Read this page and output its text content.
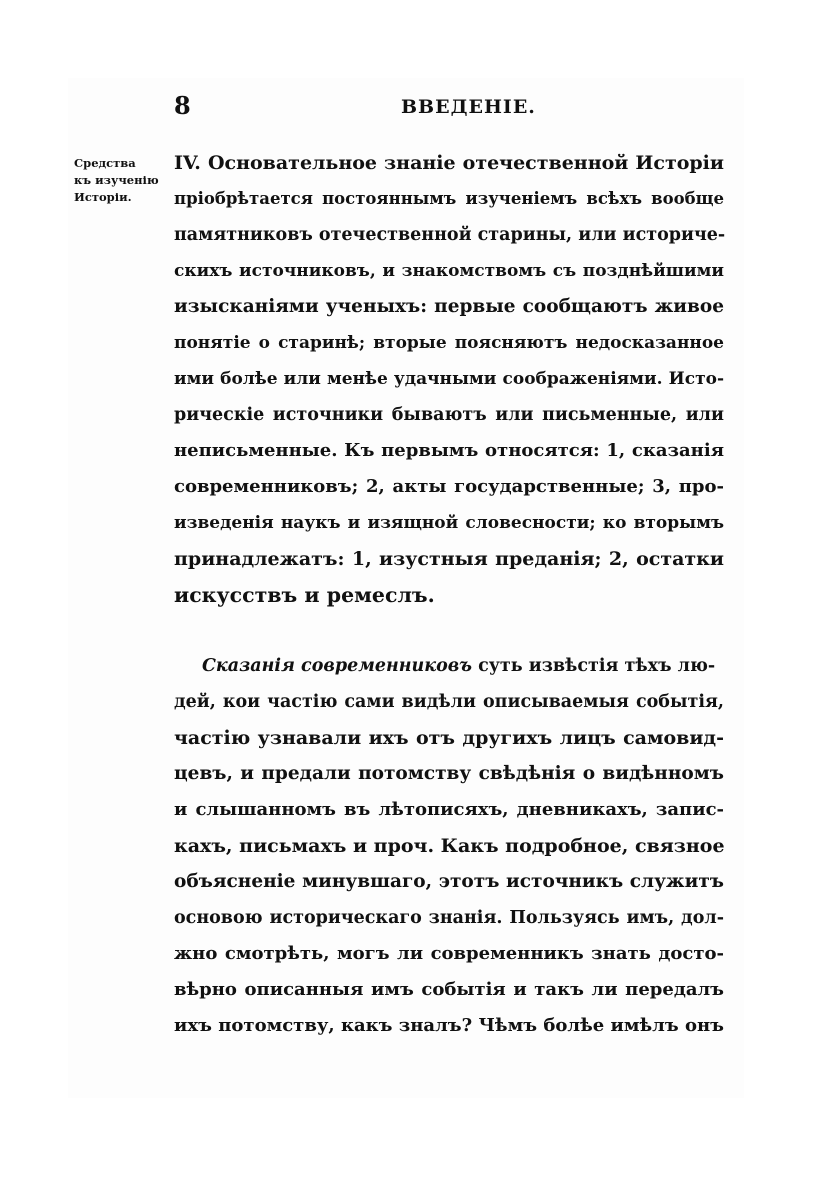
8	ВВЕДЕНІЕ.
Средства
къ изученію
Исторіи.
IV. Основательное знаніе отечественной Исторіи
пріобрѣтается постояннымъ изученіемъ всѣхъ вообще
памятниковъ отечественной старины, или историче-
скихъ источниковъ, и знакомствомъ съ позднѣйшими
изысканіями ученыхъ: первые сообщаютъ живое
понятіе о старинѣ; вторые поясняютъ недосказанное
ими болѣе или менѣе удачными соображеніями. Исто-
рическіе источники бываютъ или письменные, или
неписьменные. Къ первымъ относятся: 1, сказанія
современниковъ; 2, акты государственные; 3, про-
изведенія наукъ и изящной словесности; ко вторымъ
принадлежатъ: 1, изустныя преданія; 2, остатки
искусствъ и ремеслъ.
Сказанія современниковъ суть извѣстія тѣхъ лю-
дей, кои частію сами видѣли описываемыя событія,
частію узнавали ихъ отъ другихъ лицъ самовид-
цевъ, и предали потомству свѣдѣнія о видѣнномъ
и слышанномъ въ лѣтописяхъ, дневникахъ, запис-
кахъ, письмахъ и проч. Какъ подробное, связное
объясненіе минувшаго, этотъ источникъ служитъ
основою историческаго знанія. Пользуясь имъ, дол-
жно смотрѣть, могъ ли современникъ знать досто-
вѣрно описанныя имъ событія и такъ ли передалъ
ихъ потомству, какъ зналъ? Чѣмъ болѣе имѣлъ онъ
